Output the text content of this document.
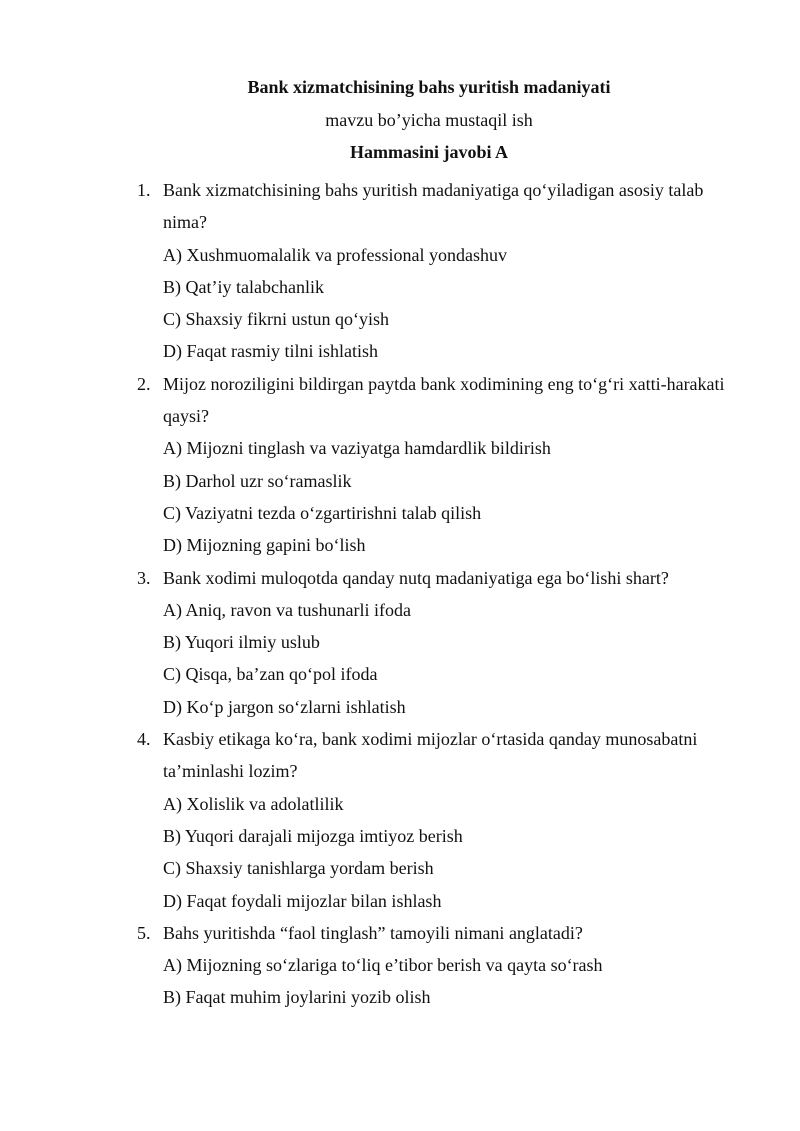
Bank xizmatchisining bahs yuritish madaniyati
mavzu bo’yicha mustaqil ish
Hammasini javobi A
1. Bank xizmatchisining bahs yuritish madaniyatiga qo‘yiladigan asosiy talab nima?
A) Xushmuomalalik va professional yondashuv
B) Qat’iy talabchanlik
C) Shaxsiy fikrni ustun qo‘yish
D) Faqat rasmiy tilni ishlatish
2. Mijoz noroziligini bildirgan paytda bank xodimining eng to‘g‘ri xatti-harakati qaysi?
A) Mijozni tinglash va vaziyatga hamdardlik bildirish
B) Darhol uzr so‘ramaslik
C) Vaziyatni tezda o‘zgartirishni talab qilish
D) Mijozning gapini bo‘lish
3. Bank xodimi muloqotda qanday nutq madaniyatiga ega bo‘lishi shart?
A) Aniq, ravon va tushunarli ifoda
B) Yuqori ilmiy uslub
C) Qisqa, ba’zan qo‘pol ifoda
D) Ko‘p jargon so‘zlarni ishlatish
4. Kasbiy etikaga ko‘ra, bank xodimi mijozlar o‘rtasida qanday munosabatni ta’minlashi lozim?
A) Xolislik va adolatlilik
B) Yuqori darajali mijozga imtiyoz berish
C) Shaxsiy tanishlarga yordam berish
D) Faqat foydali mijozlar bilan ishlash
5. Bahs yuritishda “faol tinglash” tamoyili nimani anglatadi?
A) Mijozning so‘zlariga to‘liq e’tibor berish va qayta so‘rash
B) Faqat muhim joylarini yozib olish
